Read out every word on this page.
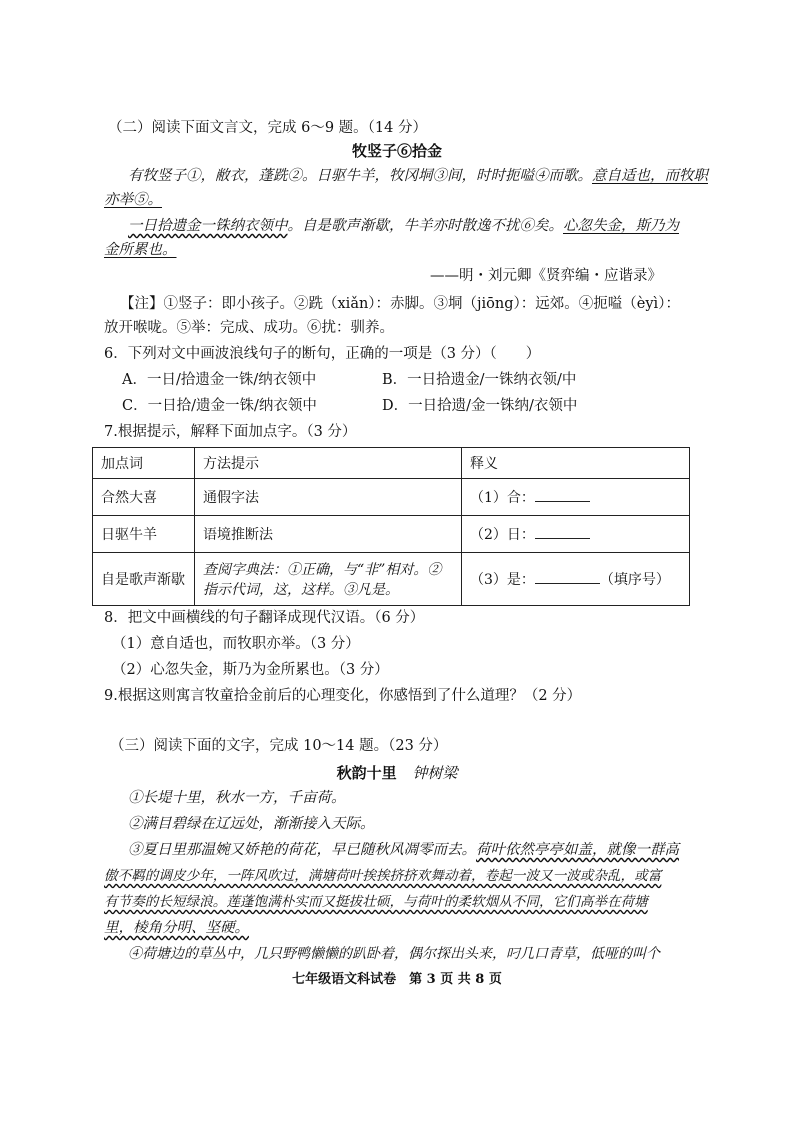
（二）阅读下面文言文，完成 6～9 题。（14 分）
牧竖子⑥拾金
有牧竖子①，敝衣，蓬跣②。日驱牛羊，牧冈垌③间，时时扼嗌④而歌。意自适也，而牧职
亦举⑤。
一日拾遗金一铢纳衣领中。自是歌声渐歇，牛羊亦时散逸不扰⑥矣。心忽失金，斯乃为
金所累也。
——明・刘元卿《贤弈编・应谐录》
【注】①竖子：即小孩子。②跣（xiǎn）：赤脚。③垌（jiōng）：远郊。④扼嗌（èyì）：
放开喉咙。⑤举：完成、成功。⑥扰：驯养。
6．下列对文中画波浪线句子的断句，正确的一项是（3 分）（　　）
A．一日/拾遗金一铢/纳衣领中	B．一日拾遗金/一铢纳衣领/中
C．一日拾/遗金一铢/纳衣领中	D．一日拾遗/金一铢纳/衣领中
7.根据提示，解释下面加点字。（3 分）
加点词	方法提示	释义
合然大喜	通假字法	（1）合：
日驱牛羊	语境推断法	（2）日：
自是歌声渐歇	查阅字典法：①正确，与“非”相对。②指示代词，这，这样。③凡是。	（3）是： （填序号）
8．把文中画横线的句子翻译成现代汉语。（6 分）
（1）意自适也，而牧职亦举。（3 分）
（2）心忽失金，斯乃为金所累也。（3 分）
9.根据这则寓言牧童拾金前后的心理变化，你感悟到了什么道理？（2 分）
（三）阅读下面的文字，完成 10～14 题。（23 分）
秋韵十里 钟树梁
①长堤十里，秋水一方，千亩荷。
②满目碧绿在辽远处，渐渐接入天际。
③夏日里那温婉又娇艳的荷花，早已随秋风凋零而去。荷叶依然亭亭如盖，就像一群高
傲不羁的调皮少年，一阵风吹过，满塘荷叶挨挨挤挤欢舞动着，卷起一波又一波或杂乱，或富
有节奏的长短绿浪。莲蓬饱满朴实而又挺拔壮硕，与荷叶的柔软烟从不同，它们高举在荷塘
里，棱角分明、坚硬。
④荷塘边的草丛中，几只野鸭懒懒的趴卧着，偶尔探出头来，叼几口青草，低哑的叫个
七年级语文科试卷　第 3 页 共 8 页
